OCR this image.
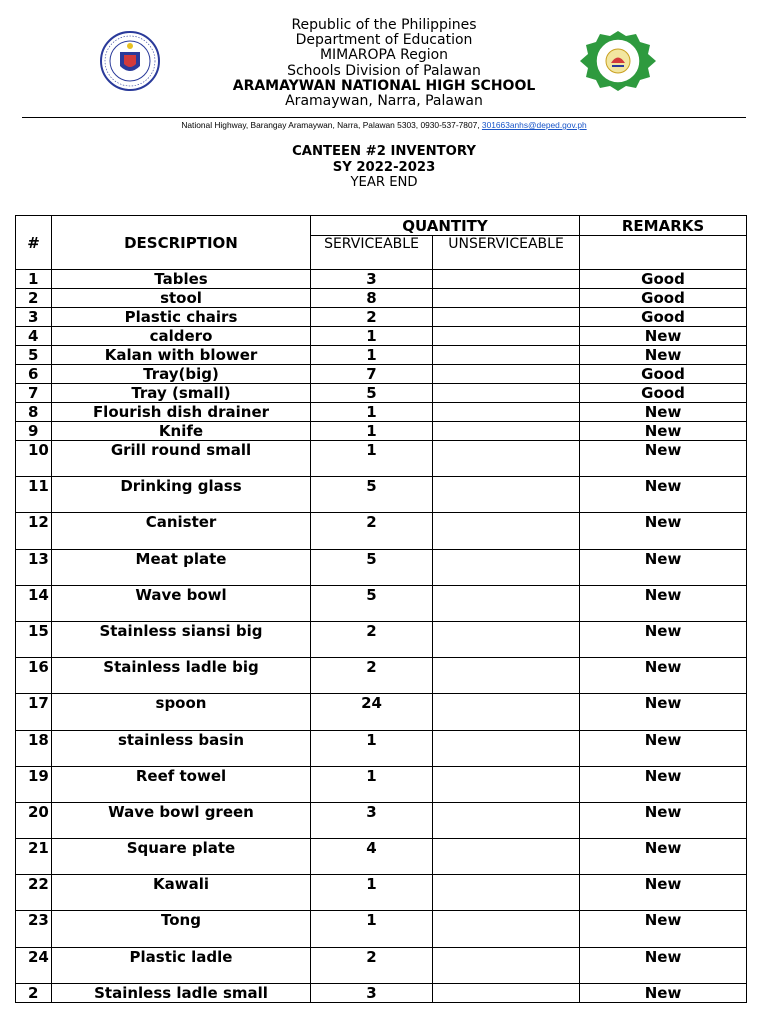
Republic of the Philippines
Department of Education
MIMAROPA Region
Schools Division of Palawan
ARAMAYWAN NATIONAL HIGH SCHOOL
Aramaywan, Narra, Palawan
National Highway, Barangay Aramaywan, Narra, Palawan 5303, 0930-537-7807, 301663anhs@deped.gov.ph
CANTEEN #2 INVENTORY
SY 2022-2023
YEAR END
#	DESCRIPTION	QUANTITY		REMARKS
		SERVICEABLE	UNSERVICEABLE	
1	Tables	3		Good
2	stool	8		Good
3	Plastic chairs	2		Good
4	caldero	1		New
5	Kalan with blower	1		New
6	Tray(big)	7		Good
7	Tray (small)	5		Good
8	Flourish dish drainer	1		New
9	Knife	1		New
10	Grill round small	1		New
11	Drinking glass	5		New
12	Canister	2		New
13	Meat plate	5		New
14	Wave bowl	5		New
15	Stainless siansi big	2		New
16	Stainless ladle big	2		New
17	spoon	24		New
18	stainless basin	1		New
19	Reef towel	1		New
20	Wave bowl green	3		New
21	Square plate	4		New
22	Kawali	1		New
23	Tong	1		New
24	Plastic ladle	2		New
2	Stainless ladle small	3		New
